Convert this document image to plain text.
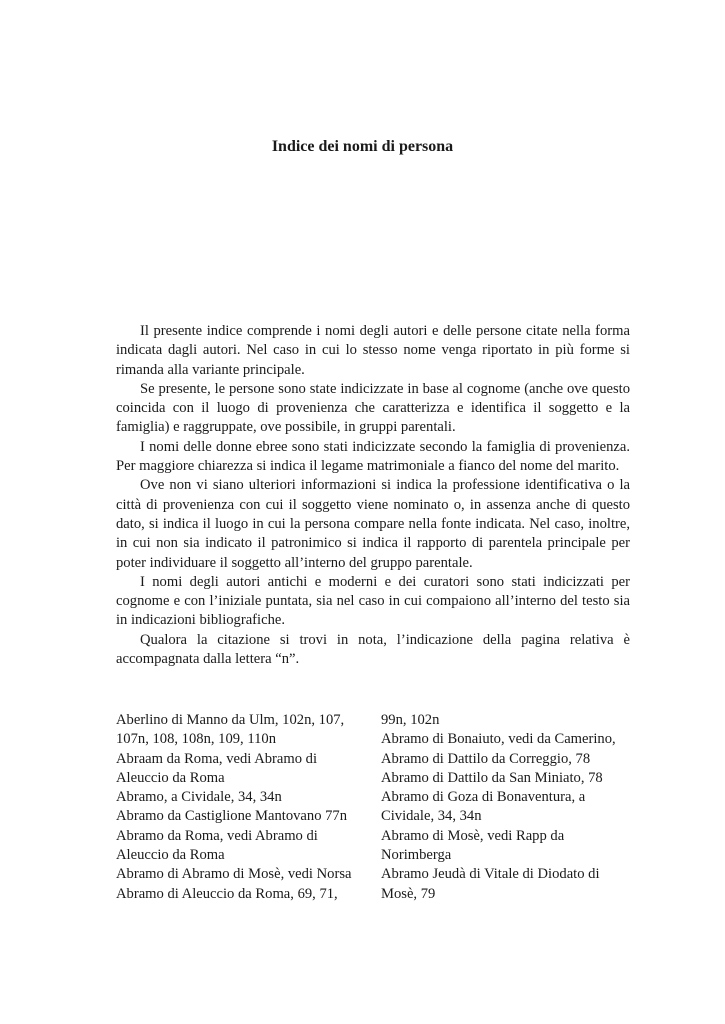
Indice dei nomi di persona

Il presente indice comprende i nomi degli autori e delle persone citate nella forma indicata dagli autori. Nel caso in cui lo stesso nome venga riportato in più forme si rimanda alla variante principale.

Se presente, le persone sono state indicizzate in base al cognome (anche ove questo coincida con il luogo di provenienza che caratterizza e identifica il soggetto e la famiglia) e raggruppate, ove possibile, in gruppi parentali.

I nomi delle donne ebree sono stati indicizzate secondo la famiglia di provenienza. Per maggiore chiarezza si indica il legame matrimoniale a fianco del nome del marito.

Ove non vi siano ulteriori informazioni si indica la professione identificativa o la città di provenienza con cui il soggetto viene nominato o, in assenza anche di questo dato, si indica il luogo in cui la persona compare nella fonte indicata. Nel caso, inoltre, in cui non sia indicato il patronimico si indica il rapporto di parentela principale per poter individuare il soggetto all’interno del gruppo parentale.

I nomi degli autori antichi e moderni e dei curatori sono stati indicizzati per cognome e con l’iniziale puntata, sia nel caso in cui compaiono all’interno del testo sia in indicazioni bibliografiche.

Qualora la citazione si trovi in nota, l’indicazione della pagina relativa è accompagnata dalla lettera “n”.

Aberlino di Manno da Ulm, 102n, 107,
107n, 108, 108n, 109, 110n
Abraam da Roma, vedi Abramo di
Aleuccio da Roma
Abramo, a Cividale, 34, 34n
Abramo da Castiglione Mantovano 77n
Abramo da Roma, vedi Abramo di
Aleuccio da Roma
Abramo di Abramo di Mosè, vedi Norsa
Abramo di Aleuccio da Roma, 69, 71,
99n, 102n
Abramo di Bonaiuto, vedi da Camerino,
Abramo di Dattilo da Correggio, 78
Abramo di Dattilo da San Miniato, 78
Abramo di Goza di Bonaventura, a
Cividale, 34, 34n
Abramo di Mosè, vedi Rapp da
Norimberga
Abramo Jeudà di Vitale di Diodato di
Mosè, 79
